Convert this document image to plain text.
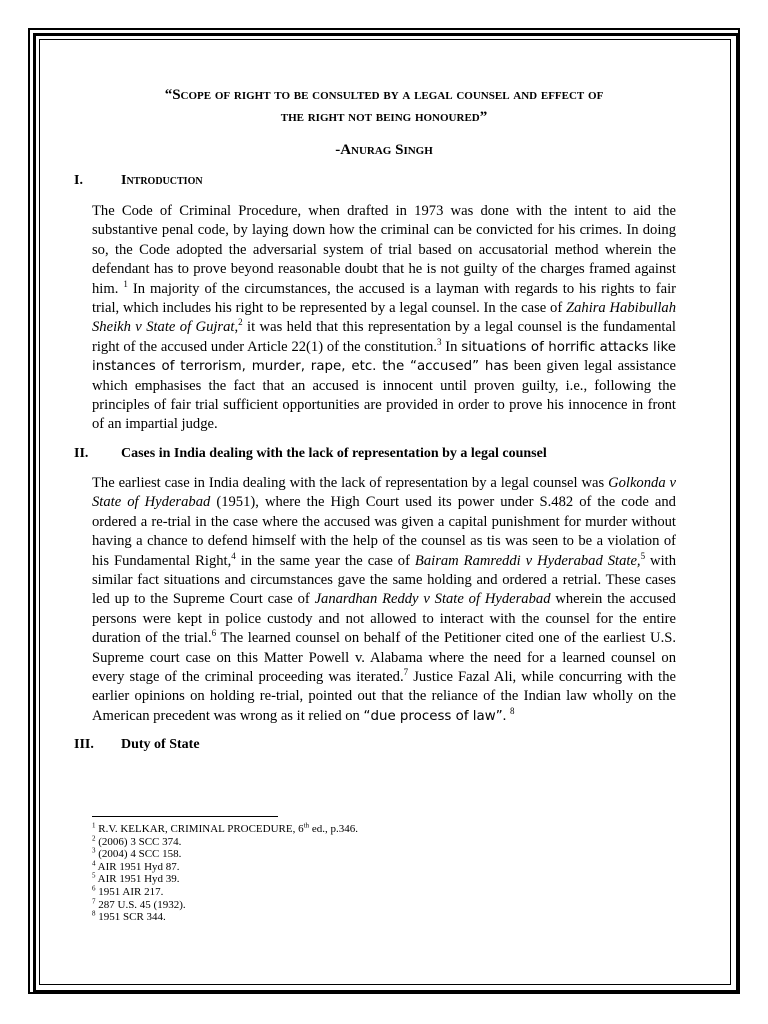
“Scope of right to be consulted by a legal counsel and effect of
the right not being honoured”

-Anurag Singh

I.	Introduction

The Code of Criminal Procedure, when drafted in 1973 was done with the intent to aid the substantive penal code, by laying down how the criminal can be convicted for his crimes. In doing so, the Code adopted the adversarial system of trial based on accusatorial method wherein the defendant has to prove beyond reasonable doubt that he is not guilty of the charges framed against him. $^1$ In majority of the circumstances, the accused is a layman with regards to his rights to fair trial, which includes his right to be represented by a legal counsel. In the case of Zahira Habibullah Sheikh v State of Gujrat,$^2$ it was held that this representation by a legal counsel is the fundamental right of the accused under Article 22(1) of the constitution.$^3$ In situations of horrific attacks like instances of terrorism, murder, rape, etc. the “accused” has been given legal assistance which emphasises the fact that an accused is innocent until proven guilty, i.e., following the principles of fair trial sufficient opportunities are provided in order to prove his innocence in front of an impartial judge.

II.	Cases in India dealing with the lack of representation by a legal counsel

The earliest case in India dealing with the lack of representation by a legal counsel was Golkonda v State of Hyderabad (1951), where the High Court used its power under S.482 of the code and ordered a re-trial in the case where the accused was given a capital punishment for murder without having a chance to defend himself with the help of the counsel as tis was seen to be a violation of his Fundamental Right,$^4$ in the same year the case of Bairam Ramreddi v Hyderabad State,$^5$ with similar fact situations and circumstances gave the same holding and ordered a retrial. These cases led up to the Supreme Court case of Janardhan Reddy v State of Hyderabad wherein the accused persons were kept in police custody and not allowed to interact with the counsel for the entire duration of the trial.$^6$ The learned counsel on behalf of the Petitioner cited one of the earliest U.S. Supreme court case on this Matter Powell v. Alabama where the need for a learned counsel on every stage of the criminal proceeding was iterated.$^7$ Justice Fazal Ali, while concurring with the earlier opinions on holding re-trial, pointed out that the reliance of the Indian law wholly on the American precedent was wrong as it relied on “due process of law”. $^8$

III.	Duty of State
$^1$ R.V. KELKAR, CRIMINAL PROCEDURE, 6th ed., p.346.
$^2$ (2006) 3 SCC 374.
$^3$ (2004) 4 SCC 158.
$^4$ AIR 1951 Hyd 87.
$^5$ AIR 1951 Hyd 39.
$^6$ 1951 AIR 217.
$^7$ 287 U.S. 45 (1932).
$^8$ 1951 SCR 344.
